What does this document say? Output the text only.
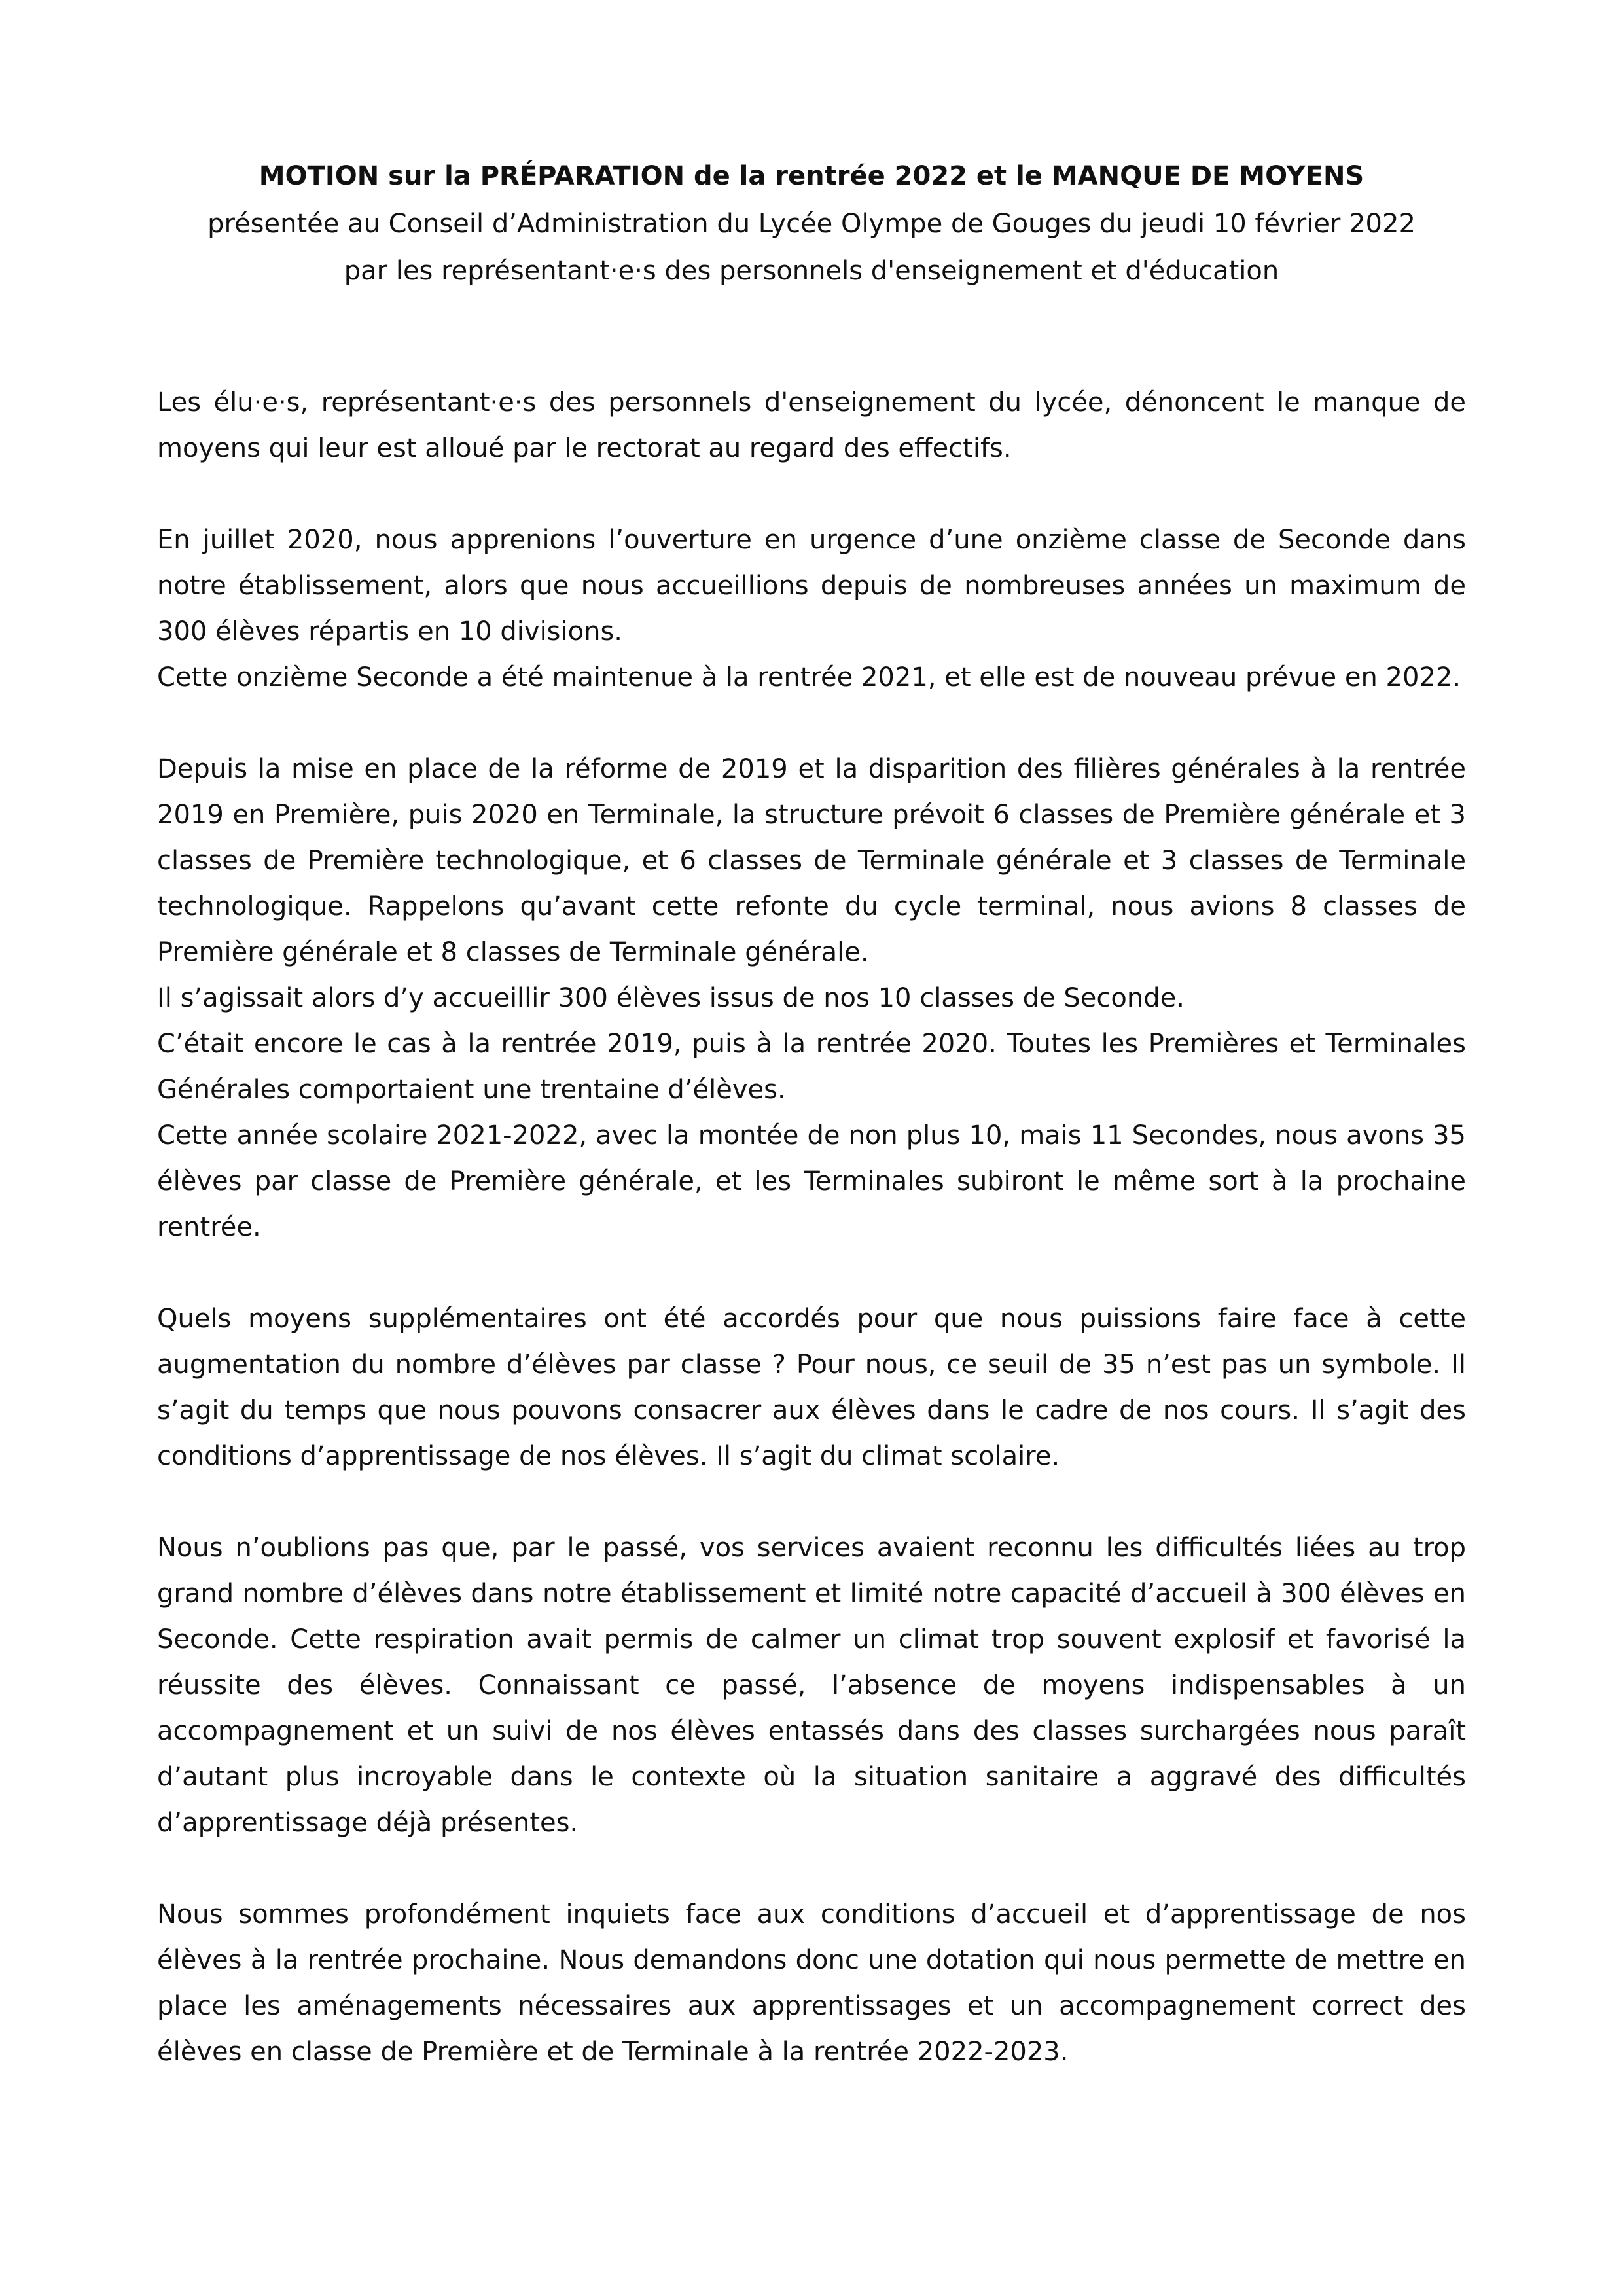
MOTION sur la PRÉPARATION de la rentrée 2022 et le MANQUE DE MOYENS

présentée au Conseil d’Administration du Lycée Olympe de Gouges du jeudi 10 février 2022

par les représentant·e·s des personnels d'enseignement et d'éducation

Les élu·e·s, représentant·e·s des personnels d'enseignement du lycée, dénoncent le manque de moyens qui leur est alloué par le rectorat au regard des effectifs.

En juillet 2020, nous apprenions l’ouverture en urgence d’une onzième classe de Seconde dans notre établissement, alors que nous accueillions depuis de nombreuses années un maximum de 300 élèves répartis en 10 divisions.
Cette onzième Seconde a été maintenue à la rentrée 2021, et elle est de nouveau prévue en 2022.

Depuis la mise en place de la réforme de 2019 et la disparition des filières générales à la rentrée 2019 en Première, puis 2020 en Terminale, la structure prévoit 6 classes de Première générale et 3 classes de Première technologique, et 6 classes de Terminale générale et 3 classes de Terminale technologique. Rappelons qu’avant cette refonte du cycle terminal, nous avions 8 classes de Première générale et 8 classes de Terminale générale.
Il s’agissait alors d’y accueillir 300 élèves issus de nos 10 classes de Seconde.
C’était encore le cas à la rentrée 2019, puis à la rentrée 2020. Toutes les Premières et Terminales Générales comportaient une trentaine d’élèves.
Cette année scolaire 2021-2022, avec la montée de non plus 10, mais 11 Secondes, nous avons 35 élèves par classe de Première générale, et les Terminales subiront le même sort à la prochaine rentrée.

Quels moyens supplémentaires ont été accordés pour que nous puissions faire face à cette augmentation du nombre d’élèves par classe ? Pour nous, ce seuil de 35 n’est pas un symbole. Il s’agit du temps que nous pouvons consacrer aux élèves dans le cadre de nos cours. Il s’agit des conditions d’apprentissage de nos élèves. Il s’agit du climat scolaire.

Nous n’oublions pas que, par le passé, vos services avaient reconnu les difficultés liées au trop grand nombre d’élèves dans notre établissement et limité notre capacité d’accueil à 300 élèves en Seconde. Cette respiration avait permis de calmer un climat trop souvent explosif et favorisé la réussite des élèves. Connaissant ce passé, l’absence de moyens indispensables à un accompagnement et un suivi de nos élèves entassés dans des classes surchargées nous paraît d’autant plus incroyable dans le contexte où la situation sanitaire a aggravé des difficultés d’apprentissage déjà présentes.

Nous sommes profondément inquiets face aux conditions d’accueil et d’apprentissage de nos élèves à la rentrée prochaine. Nous demandons donc une dotation qui nous permette de mettre en place les aménagements nécessaires aux apprentissages et un accompagnement correct des élèves en classe de Première et de Terminale à la rentrée 2022-2023.
